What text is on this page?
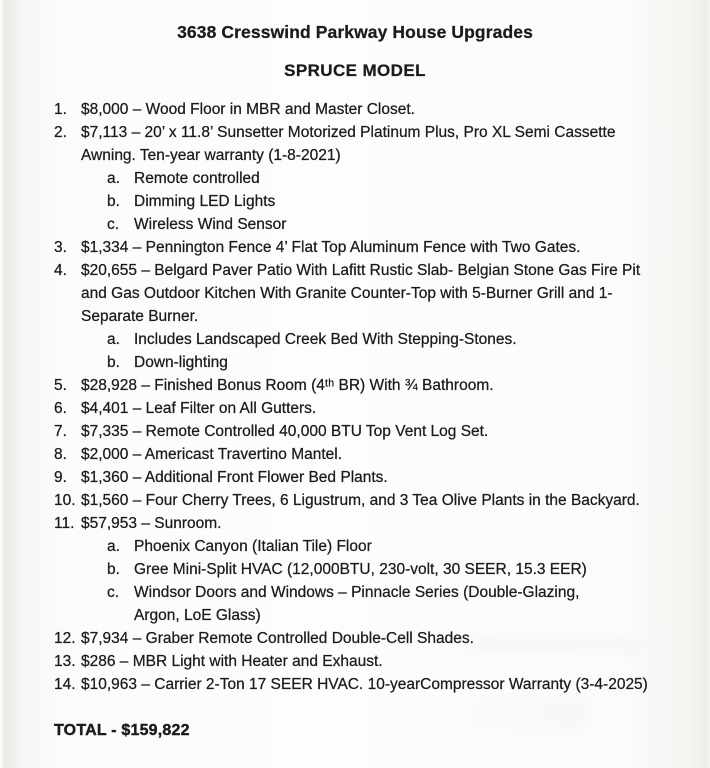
3638 Cresswind Parkway House Upgrades
SPRUCE MODEL
1. $8,000 – Wood Floor in MBR and Master Closet.
2. $7,113 – 20’ x 11.8’ Sunsetter Motorized Platinum Plus, Pro XL Semi Cassette Awning. Ten-year warranty (1-8-2021)
a. Remote controlled
b. Dimming LED Lights
c. Wireless Wind Sensor
3. $1,334 – Pennington Fence 4’ Flat Top Aluminum Fence with Two Gates.
4. $20,655 – Belgard Paver Patio With Lafitt Rustic Slab- Belgian Stone Gas Fire Pit and Gas Outdoor Kitchen With Granite Counter-Top with 5-Burner Grill and 1- Separate Burner.
a. Includes Landscaped Creek Bed With Stepping-Stones.
b. Down-lighting
5. $28,928 – Finished Bonus Room (4ᵗʰ BR) With ¾ Bathroom.
6. $4,401 – Leaf Filter on All Gutters.
7. $7,335 – Remote Controlled 40,000 BTU Top Vent Log Set.
8. $2,000 – Americast Travertino Mantel.
9. $1,360 – Additional Front Flower Bed Plants.
10. $1,560 – Four Cherry Trees, 6 Ligustrum, and 3 Tea Olive Plants in the Backyard.
11. $57,953 – Sunroom.
a. Phoenix Canyon (Italian Tile) Floor
b. Gree Mini-Split HVAC (12,000BTU, 230-volt, 30 SEER, 15.3 EER)
c. Windsor Doors and Windows – Pinnacle Series (Double-Glazing, Argon, LoE Glass)
12. $7,934 – Graber Remote Controlled Double-Cell Shades.
13. $286 – MBR Light with Heater and Exhaust.
14. $10,963 – Carrier 2-Ton 17 SEER HVAC. 10-yearCompressor Warranty (3-4-2025)
TOTAL - $159,822
